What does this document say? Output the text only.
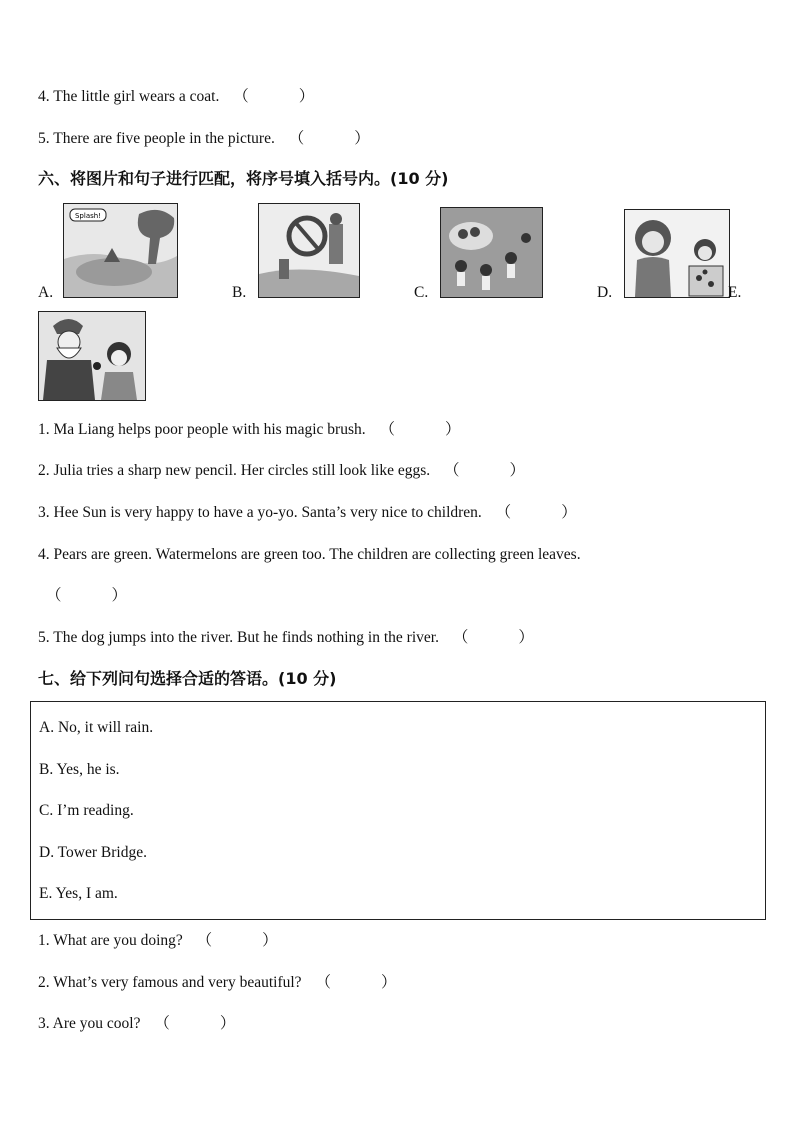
4. The little girl wears a coat. （	）
5. There are five people in the picture. （	）
六、将图片和句子进行匹配，将序号填入括号内。(10 分)
A.
Splash!
B.	C.	D.	E.
1. Ma Liang helps poor people with his magic brush. （	）
2. Julia tries a sharp new pencil. Her circles still look like eggs. （	）
3. Hee Sun is very happy to have a yo-yo. Santa’s very nice to children. （	）
4. Pears are green. Watermelons are green too. The children are collecting green leaves.
（	）
5. The dog jumps into the river. But he finds nothing in the river. （	）
七、给下列问句选择合适的答语。(10 分)
A. No, it will rain.
B. Yes, he is.
C. I’m reading.
D. Tower Bridge.
E. Yes, I am.
1. What are you doing? （	）
2. What’s very famous and very beautiful? （	）
3. Are you cool? （	）
